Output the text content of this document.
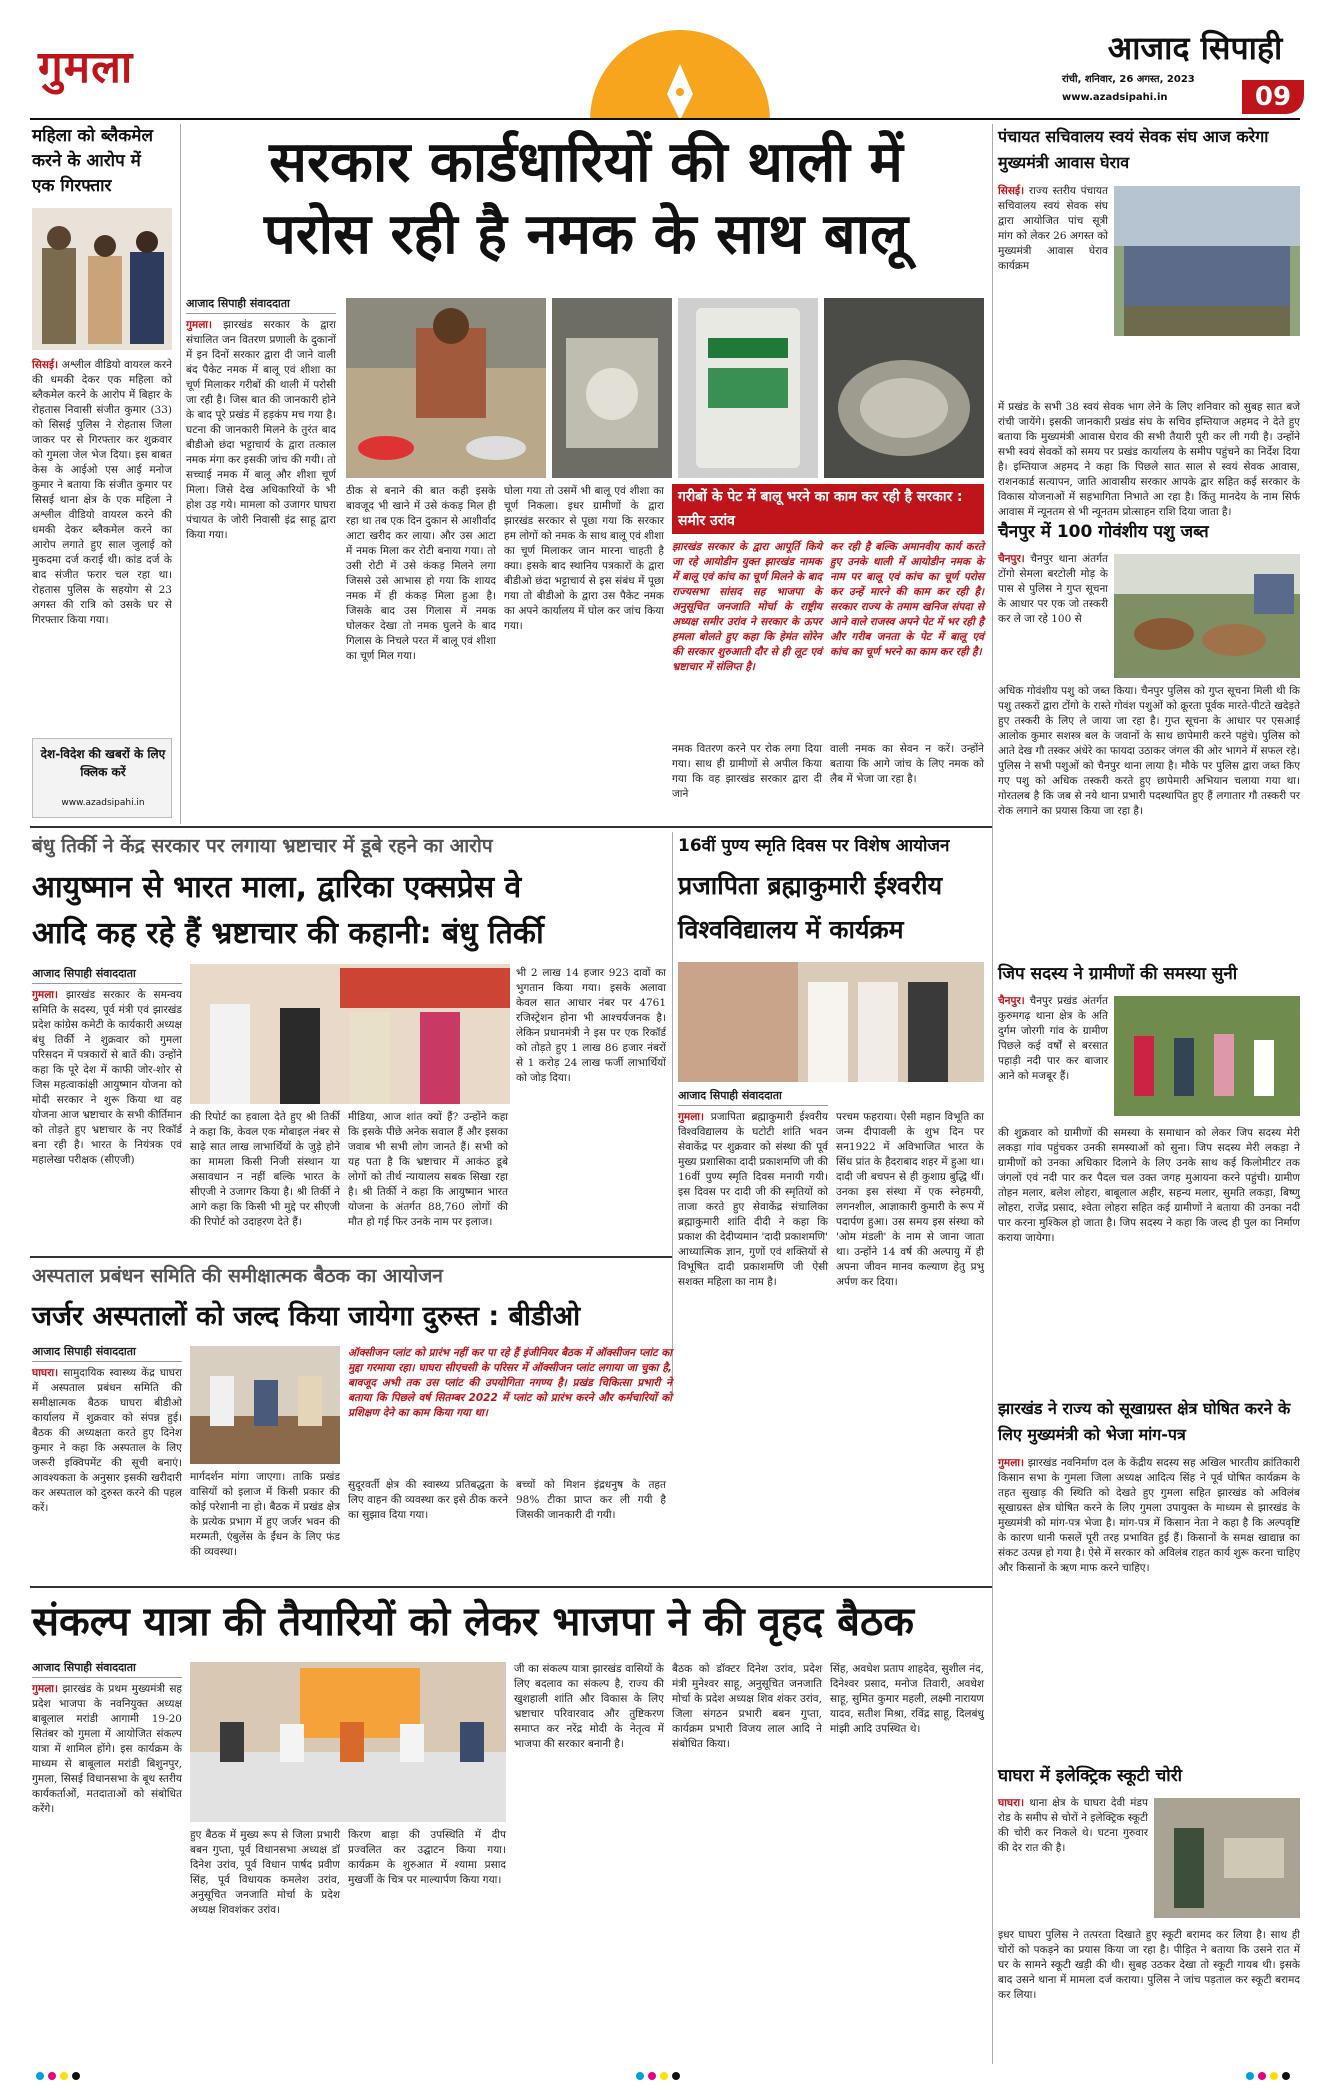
गुमला	आजाद सिपाही
रांची, शनिवार, 26 अगस्त, 2023
www.azadsipahi.in	09
महिला को ब्लैकमेल करने के आरोप में एक गिरफ्तार
सिसई। अश्लील वीडियो वायरल करने की धमकी देकर एक महिला को ब्लैकमेल करने के आरोप में बिहार के रोहतास निवासी संजीत कुमार (33) को सिसई पुलिस ने रोहतास जिला जाकर पर से गिरफ्तार कर शुक्रवार को गुमला जेल भेज दिया। इस बाबत केस के आईओ एस आई मनोज कुमार ने बताया कि संजीत कुमार पर सिसई थाना क्षेत्र के एक महिला ने अश्लील वीडियो वायरल करने की धमकी देकर ब्लैकमेल करने का आरोप लगाते हुए साल जुलाई को मुकदमा दर्ज कराई थी। कांड दर्ज के बाद संजीत फरार चल रहा था। रोहतास पुलिस के सहयोग से 23 अगस्त की रात्रि को उसके घर से गिरफ्तार किया गया।
देश-विदेश की खबरों के लिए क्लिक करें
www.azadsipahi.in
सरकार कार्डधारियों की थाली में
परोस रही है नमक के साथ बालू
आजाद सिपाही संवाददाता
गुमला। झारखंड सरकार के द्वारा संचालित जन वितरण प्रणाली के दुकानों में इन दिनों सरकार द्वारा दी जाने वाली बंद पैकेट नमक में बालू एवं शीशा का चूर्ण मिलाकर गरीबों की थाली में परोसी जा रही है। जिस बात की जानकारी होने के बाद पूरे प्रखंड में हड़कंप मच गया है। घटना की जानकारी मिलने के तुरंत बाद बीडीओ छंदा भट्टाचार्य के द्वारा तत्काल नमक मंगा कर इसकी जांच की गयी। तो सच्चाई नमक में बालू और शीशा चूर्ण मिला। जिसे देख अधिकारियों के भी होश उड़ गये। मामला को उजागर घाघरा पंचायत के जोरी निवासी इंद्र साहू द्वारा किया गया।
ठीक से बनाने की बात कही इसके बावजूद भी खाने में उसे कंकड़ मिल ही रहा था तब एक दिन दुकान से आशीर्वाद आटा खरीद कर लाया। और उस आटा में नमक मिला कर रोटी बनाया गया। तो उसी रोटी में उसे कंकड़ मिलने लगा जिससे उसे आभास हो गया कि शायद नमक में ही कंकड़ मिला हुआ है। जिसके बाद उस गिलास में नमक घोलकर देखा तो नमक घुलने के बाद गिलास के निचले परत में बालू एवं शीशा का चूर्ण मिल गया।
घोला गया तो उसमें भी बालू एवं शीशा का चूर्ण निकला। इधर ग्रामीणों के द्वारा झारखंड सरकार से पूछा गया कि सरकार हम लोगों को नमक के साथ बालू एवं शीशा का चूर्ण मिलाकर जान मारना चाहती है क्या। इसके बाद स्थानिय पत्रकारों के द्वारा बीडीओ छंदा भट्टाचार्य से इस संबंध में पूछा गया तो बीडीओ के द्वारा उस पैकेट नमक का अपने कार्यालय में घोल कर जांच किया गया।
गरीबों के पेट में बालू भरने का काम कर रही है सरकार : समीर उरांव
झारखंड सरकार के द्वारा आपूर्ति किये जा रहे आयोडीन युक्त झारखंड नामक में बालू एवं कांच का चूर्ण मिलने के बाद राज्यसभा सांसद सह भाजपा के अनुसूचित जनजाति मोर्चा के राष्ट्रीय अध्यक्ष समीर उरांव ने सरकार के ऊपर हमला बोलते हुए कहा कि हेमंत सोरेन की सरकार शुरुआती दौर से ही लूट एवं भ्रष्टाचार में संलिप्त है।
कर रही है बल्कि अमानवीय कार्य करते हुए उनके थाली में आयोडीन नमक के नाम पर बालू एवं कांच का चूर्ण परोस कर उन्हें मारने की काम कर रही है। सरकार राज्य के तमाम खनिज संपदा से आने वाले राजस्व अपने पेट में भर रही है और गरीब जनता के पेट में बालू एवं कांच का चूर्ण भरने का काम कर रही है।
नमक वितरण करने पर रोक लगा दिया गया। साथ ही ग्रामीणों से अपील किया गया कि वह झारखंड सरकार द्वारा दी जाने
वाली नमक का सेवन न करें। उन्होंने बताया कि आगे जांच के लिए नमक को लैब में भेजा जा रहा है।
पंचायत सचिवालय स्वयं सेवक संघ आज करेगा मुख्यमंत्री आवास घेराव
सिसई। राज्य स्तरीय पंचायत सचिवालय स्वयं सेवक संघ द्वारा आयोजित पांच सूत्री मांग को लेकर 26 अगस्त को मुख्यमंत्री आवास घेराव कार्यक्रम
में प्रखंड के सभी 38 स्वयं सेवक भाग लेने के लिए शनिवार को सुबह सात बजे रांची जायेंगे। इसकी जानकारी प्रखंड संघ के सचिव इम्तियाज अहमद ने देते हुए बताया कि मुख्यमंत्री आवास घेराव की सभी तैयारी पूरी कर ली गयी है। उन्होंने सभी स्वयं सेवकों को समय पर प्रखंड कार्यालय के समीप पहुंचने का निर्देश दिया है। इम्तियाज अहमद ने कहा कि पिछले सात साल से स्वयं सेवक आवास, राशनकार्ड सत्यापन, जाति आवासीय सरकार आपके द्वार सहित कई सरकार के विकास योजनाओं में सहभागिता निभाते आ रहा है। किंतु मानदेय के नाम सिर्फ आवास में न्यूनतम से भी न्यूनतम प्रोत्साहन राशि दिया जाता है।
चैनपुर में 100 गोवंशीय पशु जब्त
चैनपुर। चैनपुर थाना अंतर्गत टोंगो सेमला बरटोली मोड़ के पास से पुलिस ने गुप्त सूचना के आधार पर एक जो तस्करी कर ले जा रहे 100 से
अधिक गोवंशीय पशु को जब्त किया। चैनपुर पुलिस को गुप्त सूचना मिली थी कि पशु तस्करों द्वारा टोंगो के रास्ते गोवंश पशुओं को क्रूरता पूर्वक मारते-पीटते खदेड़ते हुए तस्करी के लिए ले जाया जा रहा है। गुप्त सूचना के आधार पर एसआई आलोक कुमार सशस्त्र बल के जवानों के साथ छापेमारी करने पहुंचे। पुलिस को आते देख गौ तस्कर अंधेरे का फायदा उठाकर जंगल की ओर भागने में सफल रहे। पुलिस ने सभी पशुओं को चैनपुर थाना लाया है। मौके पर पुलिस द्वारा जब्त किए गए पशु को अधिक तस्करी करते हुए छापेमारी अभियान चलाया गया था। गोरतलब है कि जब से नये थाना प्रभारी पदस्थापित हुए हैं लगातार गौ तस्करी पर रोक लगाने का प्रयास किया जा रहा है।
जिप सदस्य ने ग्रामीणों की समस्या सुनी
चैनपुर। चैनपुर प्रखंड अंतर्गत कुरुमगढ़ थाना क्षेत्र के अति दुर्गम जोरगी गांव के ग्रामीण पिछले कई वर्षों से बरसात पहाड़ी नदी पार कर बाजार आने को मजबूर हैं।
की शुक्रवार को ग्रामीणों की समस्या के समाधान को लेकर जिप सदस्य मेरी लकड़ा गांव पहुंचकर उनकी समस्याओं को सुना। जिप सदस्य मेरी लकड़ा ने ग्रामीणों को उनका अधिकार दिलाने के लिए उनके साथ कई किलोमीटर तक जंगलों एवं नदी पार कर पैदल चल उक्त जगह मुआयना करने पहुंची। ग्रामीण तोहन मलार, बलेश लोहरा, बाबूलाल अहीर, सहन्य मलार, सुमति लकड़ा, बिष्णु लोहरा, राजेंद्र प्रसाद, श्वेता लोहरा सहित कई ग्रामीणों ने बताया की उनका नदी पार करना मुश्किल हो जाता है। जिप सदस्य ने कहा कि जल्द ही पुल का निर्माण कराया जायेगा।
झारखंड ने राज्य को सूखाग्रस्त क्षेत्र घोषित करने के लिए मुख्यमंत्री को भेजा मांग-पत्र
गुमला। झारखंड नवनिर्माण दल के केंद्रीय सदस्य सह अखिल भारतीय क्रांतिकारी किसान सभा के गुमला जिला अध्यक्ष आदित्य सिंह ने पूर्व घोषित कार्यक्रम के तहत सुखाड़ की स्थिति को देखते हुए गुमला सहित झारखंड को अविलंब सूखाग्रस्त क्षेत्र घोषित करने के लिए गुमला उपायुक्त के माध्यम से झारखंड के मुख्यमंत्री को मांग-पत्र भेजा है। मांग-पत्र में किसान नेता ने कहा है कि अल्पवृष्टि के कारण धानी फसलें पूरी तरह प्रभावित हुई हैं। किसानों के समक्ष खाद्यान्न का संकट उत्पन्न हो गया है। ऐसे में सरकार को अविलंब राहत कार्य शुरू करना चाहिए और किसानों के ऋण माफ करने चाहिए।
घाघरा में इलेक्ट्रिक स्कूटी चोरी
घाघरा। थाना क्षेत्र के घाघरा देवी मंडप रोड के समीप से चोरों ने इलेक्ट्रिक स्कूटी की चोरी कर निकले थे। घटना गुरुवार की देर रात की है।
इधर घाघरा पुलिस ने तत्परता दिखाते हुए स्कूटी बरामद कर लिया है। साथ ही चोरों को पकड़ने का प्रयास किया जा रहा है। पीड़ित ने बताया कि उसने रात में घर के सामने स्कूटी खड़ी की थी। सुबह उठकर देखा तो स्कूटी गायब थी। इसके बाद उसने थाना में मामला दर्ज कराया। पुलिस ने जांच पड़ताल कर स्कूटी बरामद कर लिया।
बंधु तिर्की ने केंद्र सरकार पर लगाया भ्रष्टाचार में डूबे रहने का आरोप
आयुष्मान से भारत माला, द्वारिका एक्सप्रेस वे
आदि कह रहे हैं भ्रष्टाचार की कहानी: बंधु तिर्की
आजाद सिपाही संवाददाता
गुमला। झारखंड सरकार के समन्वय समिति के सदस्य, पूर्व मंत्री एवं झारखंड प्रदेश कांग्रेस कमेटी के कार्यकारी अध्यक्ष बंधु तिर्की ने शुक्रवार को गुमला परिसदन में पत्रकारों से बातें की। उन्होंने कहा कि पूरे देश में काफी जोर-शोर से जिस महत्वाकांक्षी आयुष्मान योजना को मोदी सरकार ने शुरू किया था वह योजना आज भ्रष्टाचार के सभी कीर्तिमान को तोड़ते हुए भ्रष्टाचार के नए रिकॉर्ड बना रही है। भारत के नियंत्रक एवं महालेखा परीक्षक (सीएजी)
की रिपोर्ट का हवाला देते हुए श्री तिर्की ने कहा कि, केवल एक मोबाइल नंबर से साढ़े सात लाख लाभार्थियों के जुड़े होने का मामला किसी निजी संस्थान या असावधान न नहीं बल्कि भारत के सीएजी ने उजागर किया है। श्री तिर्की ने आगे कहा कि किसी भी मुद्दे पर सीएजी की रिपोर्ट को उदाहरण देते हैं।
मीडिया, आज शांत क्यों हैं? उन्होंने कहा कि इसके पीछे अनेक सवाल हैं और इसका जवाब भी सभी लोग जानते हैं। सभी को यह पता है कि भ्रष्टाचार में आकंठ डूबे लोगों को तीर्थ न्यायालय सबक सिखा रहा है। श्री तिर्की ने कहा कि आयुष्मान भारत योजना के अंतर्गत 88,760 लोगों की मौत हो गई फिर उनके नाम पर इलाज।
भी 2 लाख 14 हजार 923 दावों का भुगतान किया गया। इसके अलावा केवल सात आधार नंबर पर 4761 रजिस्ट्रेशन होना भी आश्चर्यजनक है। लेकिन प्रधानमंत्री ने इस पर एक रिकॉर्ड को तोड़ते हुए 1 लाख 86 हजार नंबरों से 1 करोड़ 24 लाख फर्जी लाभार्थियों को जोड़ दिया।
16वीं पुण्य स्मृति दिवस पर विशेष आयोजन
प्रजापिता ब्रह्माकुमारी ईश्वरीय विश्वविद्यालय में कार्यक्रम
आजाद सिपाही संवाददाता
गुमला। प्रजापिता ब्रह्माकुमारी ईश्वरीय विश्वविद्यालय के घटोटी शांति भवन सेवाकेंद्र पर शुक्रवार को संस्था की पूर्व मुख्य प्रशासिका दादी प्रकाशमणि जी की 16वीं पुण्य स्मृति दिवस मनायी गयी। इस दिवस पर दादी जी की स्मृतियों को ताजा करते हुए सेवाकेंद्र संचालिका ब्रह्माकुमारी शांति दीदी ने कहा कि प्रकाश की देदीप्यमान 'दादी प्रकाशमणि' आध्यात्मिक ज्ञान, गुणों एवं शक्तियों से विभूषित दादी प्रकाशमणि जी ऐसी सशक्त महिला का नाम है।
परचम फहराया। ऐसी महान विभूति का जन्म दीपावली के शुभ दिन पर सन1922 में अविभाजित भारत के सिंध प्रांत के हैदराबाद शहर में हुआ था। दादी जी बचपन से ही कुशाग्र बुद्धि थीं। उनका इस संस्था में एक स्नेहमयी, लगनशील, आज्ञाकारी कुमारी के रूप में पदार्पण हुआ। उस समय इस संस्था को 'ओम मंडली' के नाम से जाना जाता था। उन्होंने 14 वर्ष की अल्पायु में ही अपना जीवन मानव कल्याण हेतु प्रभु अर्पण कर दिया।
अस्पताल प्रबंधन समिति की समीक्षात्मक बैठक का आयोजन
जर्जर अस्पतालों को जल्द किया जायेगा दुरुस्त : बीडीओ
आजाद सिपाही संवाददाता
घाघरा। सामुदायिक स्वास्थ्य केंद्र घाघरा में अस्पताल प्रबंधन समिति की समीक्षात्मक बैठक घाघरा बीडीओ कार्यालय में शुक्रवार को संपन्न हुई। बैठक की अध्यक्षता करते हुए दिनेश कुमार ने कहा कि अस्पताल के लिए जरूरी इक्विपमेंट की सूची बनाएं। आवश्यकता के अनुसार इसकी खरीदारी कर अस्पताल को दुरुस्त करने की पहल करें।
ऑक्सीजन प्लांट को प्रारंभ नहीं कर पा रहे हैं इंजीनियर बैठक में ऑक्सीजन प्लांट का मुद्दा गरमाया रहा। घाघरा सीएचसी के परिसर में ऑक्सीजन प्लांट लगाया जा चुका है, बावजूद अभी तक उस प्लांट की उपयोगिता नगण्य है। प्रखंड चिकित्सा प्रभारी ने बताया कि पिछले वर्ष सितम्बर 2022 में प्लांट को प्रारंभ करने और कर्मचारियों को प्रशिक्षण देने का काम किया गया था।
मार्गदर्शन मांगा जाएगा। ताकि प्रखंड वासियों को इलाज में किसी प्रकार की कोई परेशानी ना हो। बैठक में प्रखंड क्षेत्र के प्रत्येक प्रभाग में हुए जर्जर भवन की मरम्मती, एंबुलेंस के ईंधन के लिए फंड की व्यवस्था।
सुदूरवर्ती क्षेत्र की स्वास्थ्य प्रतिबद्धता के लिए वाहन की व्यवस्था कर इसे ठीक करने का सुझाव दिया गया।
बच्चों को मिशन इंद्रधनुष के तहत 98% टीका प्राप्त कर ली गयी है जिसकी जानकारी दी गयी।
संकल्प यात्रा की तैयारियों को लेकर भाजपा ने की वृहद बैठक
आजाद सिपाही संवाददाता
गुमला। झारखंड के प्रथम मुख्यमंत्री सह प्रदेश भाजपा के नवनियुक्त अध्यक्ष बाबूलाल मरांडी आगामी 19-20 सितंबर को गुमला में आयोजित संकल्प यात्रा में शामिल होंगे। इस कार्यक्रम के माध्यम से बाबूलाल मरांडी बिशुनपुर, गुमला, सिसई विधानसभा के बूथ स्तरीय कार्यकर्ताओं, मतदाताओं को संबोधित करेंगे।
हुए बैठक में मुख्य रूप से जिला प्रभारी बबन गुप्ता, पूर्व विधानसभा अध्यक्ष डॉ दिनेश उरांव, पूर्व विधान पार्षद प्रवीण सिंह, पूर्व विधायक कमलेश उरांव, अनुसूचित जनजाति मोर्चा के प्रदेश अध्यक्ष शिवशंकर उरांव।
किरण बाड़ा की उपस्थिति में दीप प्रज्वलित कर उद्घाटन किया गया। कार्यक्रम के शुरुआत में श्यामा प्रसाद मुखर्जी के चित्र पर माल्यार्पण किया गया।
जी का संकल्प यात्रा झारखंड वासियों के लिए बदलाव का संकल्प है, राज्य की खुशहाली शांति और विकास के लिए भ्रष्टाचार परिवारवाद और तुष्टिकरण समाप्त कर नरेंद्र मोदी के नेतृत्व में भाजपा की सरकार बनानी है।
बैठक को डॉक्टर दिनेश उरांव, प्रदेश मंत्री मुनेश्वर साहू, अनुसूचित जनजाति मोर्चा के प्रदेश अध्यक्ष शिव शंकर उरांव, जिला संगठन प्रभारी बबन गुप्ता, कार्यक्रम प्रभारी विजय लाल आदि ने संबोधित किया।
सिंह, अवधेश प्रताप शाहदेव, सुशील नंद, दिनेश्वर प्रसाद, मनोज तिवारी, अवधेश साहू, सुमित कुमार महली, लक्ष्मी नारायण यादव, सतीश मिश्रा, रविंद्र साहू, दिलबंधु मांझी आदि उपस्थित थे।
